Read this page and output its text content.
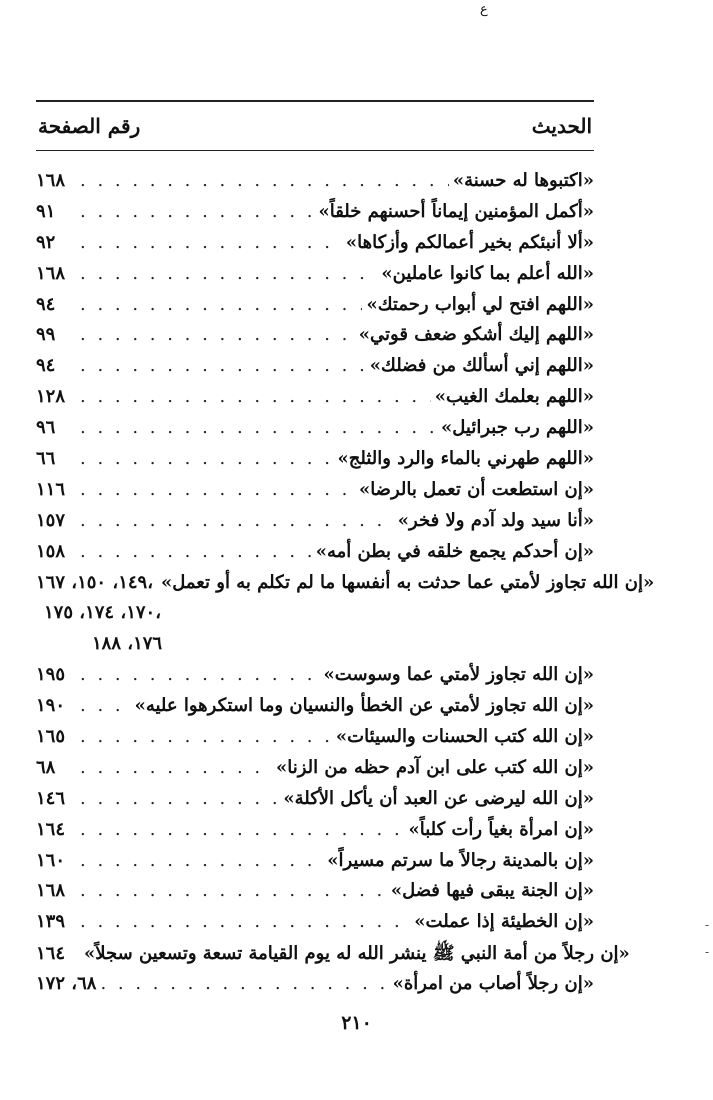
ع
الحديث
رقم الصفحة
١٦٨ . . .	«اكتبوها له حسنة»
٩١ . . .	«أكمل المؤمنين إيماناً أحسنهم خلقاً»
٩٢ . . .	«ألا أنبئكم بخير أعمالكم وأزكاها»
١٦٨ . . .	«الله أعلم بما كانوا عاملين»
٩٤ . . .	«اللهم افتح لي أبواب رحمتك»
٩٩ . . .	«اللهم إليك أشكو ضعف قوتي»
٩٤ . . .	«اللهم إني أسألك من فضلك»
١٢٨ . . .	«اللهم بعلمك الغيب»
٩٦ . . .	«اللهم رب جبرائيل»
٦٦ . . .	«اللهم طهرني بالماء والرد والثلج»
١١٦ . . .	«إن استطعت أن تعمل بالرضا»
١٥٧ . . .	«أنا سيد ولد آدم ولا فخر»
١٥٨ . . .	«إن أحدكم يجمع خلقه في بطن أمه»
١٤٩، ١٥٠، ١٦٧، «إن الله تجاوز لأمتي عما حدثت به أنفسها ما لم تكلم به أو تعمل»
١٧٠، ١٧٤، ١٧٥،
١٧٦، ١٨٨
١٩٥ . . .	«إن الله تجاوز لأمتي عما وسوست»
١٩٠ . . .	«إن الله تجاوز لأمتي عن الخطأ والنسيان وما استكرهوا عليه»
١٦٥ . . .	«إن الله كتب الحسنات والسيئات»
٦٨ . . .	«إن الله كتب على ابن آدم حظه من الزنا»
١٤٦ . . .	«إن الله ليرضى عن العبد أن يأكل الأكلة»
١٦٤ . . .	«إن امرأة بغياً رأت كلباً»
١٦٠ . . .	«إن بالمدينة رجالاً ما سرتم مسيراً»
١٦٨ . . .	«إن الجنة يبقى فيها فضل»
١٣٩ . . .	«إن الخطيئة إذا عملت»
١٦٤	«إن رجلاً من أمة النبي ﷺ ينشر الله له يوم القيامة تسعة وتسعين سجلاً»
٦٨، ١٧٢ . . .	«إن رجلاً أصاب من امرأة»
-
-
٢١٠
